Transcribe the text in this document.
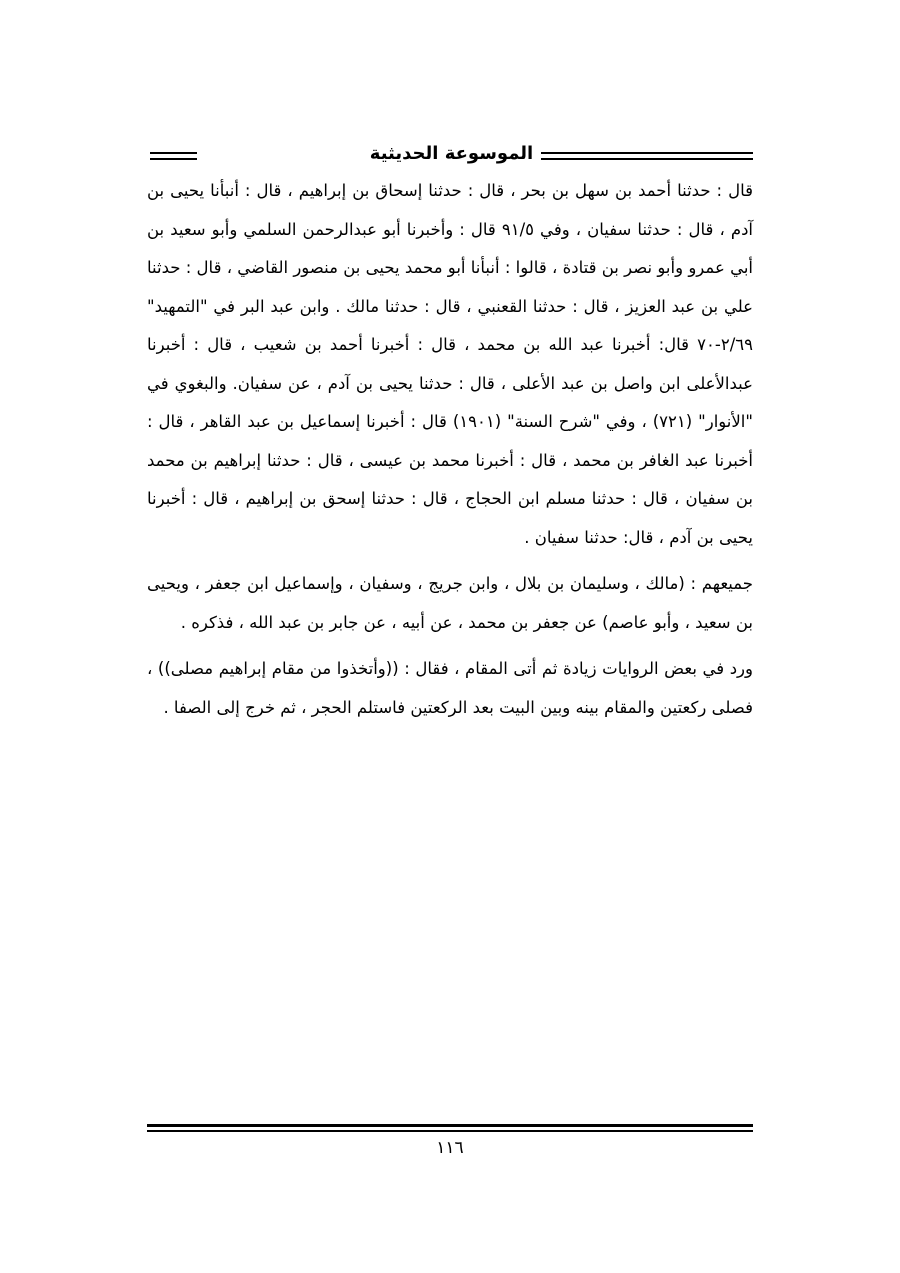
الموسوعة الحديثية

قال : حدثنا أحمد بن سهل بن بحر ، قال : حدثنا إسحاق بن إبراهيم ، قال : أنبأنا يحيى بن آدم ، قال : حدثنا سفيان ، وفي ٩١/٥ قال : وأخبرنا أبو عبدالرحمن السلمي وأبو سعيد بن أبي عمرو وأبو نصر بن قتادة ، قالوا : أنبأنا أبو محمد يحيى بن منصور القاضي ، قال : حدثنا علي بن عبد العزيز ، قال : حدثنا القعنبي ، قال : حدثنا مالك . وابن عبد البر في "التمهيد" ٢/٦٩-٧٠ قال: أخبرنا عبد الله بن محمد ، قال : أخبرنا أحمد بن شعيب ، قال : أخبرنا عبدالأعلى ابن واصل بن عبد الأعلى ، قال : حدثنا يحيى بن آدم ، عن سفيان. والبغوي في "الأنوار" (٧٢١) ، وفي "شرح السنة" (١٩٠١) قال : أخبرنا إسماعيل بن عبد القاهر ، قال : أخبرنا عبد الغافر بن محمد ، قال : أخبرنا محمد بن عيسى ، قال : حدثنا إبراهيم بن محمد بن سفيان ، قال : حدثنا مسلم ابن الحجاج ، قال : حدثنا إسحق بن إبراهيم ، قال : أخبرنا يحيى بن آدم ، قال: حدثنا سفيان .

جميعهم : (مالك ، وسليمان بن بلال ، وابن جريج ، وسفيان ، وإسماعيل ابن جعفر ، ويحيى بن سعيد ، وأبو عاصم) عن جعفر بن محمد ، عن أبيه ، عن جابر بن عبد الله ، فذكره .

ورد في بعض الروايات زيادة ثم أتى المقام ، فقال : ((وأتخذوا من مقام إبراهيم مصلى)) ، فصلى ركعتين والمقام بينه وبين البيت بعد الركعتين فاستلم الحجر ، ثم خرج إلى الصفا .

١١٦
